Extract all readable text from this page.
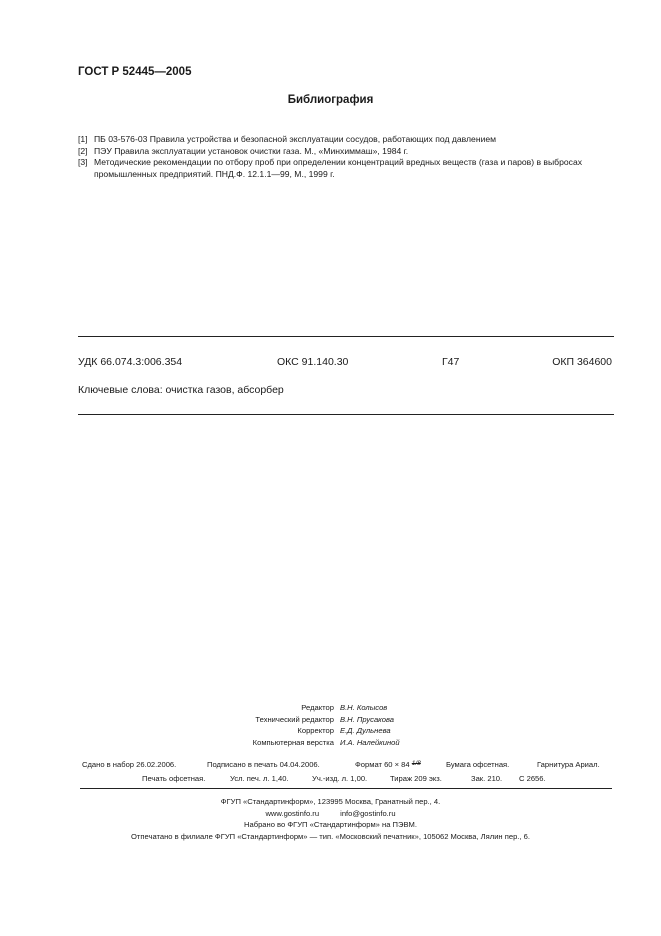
ГОСТ Р 52445—2005
Библиография
[1] ПБ 03-576-03 Правила устройства и безопасной эксплуатации сосудов, работающих под давлением
[2] ПЭУ Правила эксплуатации установок очистки газа. М., «Минхиммаш», 1984 г.
[3] Методические рекомендации по отбору проб при определении концентраций вредных веществ (газа и паров) в выбросах промышленных предприятий. ПНД.Ф. 12.1.1—99, М., 1999 г.
УДК 66.074.3:006.354	ОКС 91.140.30	Г47	ОКП 364600
Ключевые слова: очистка газов, абсорбер
Редактор В.Н. Колысов
Технический редактор В.Н. Прусакова
Корректор Е.Д. Дульнева
Компьютерная верстка И.А. Налейкиной
Сдано в набор 26.02.2006.	Подписано в печать 04.04.2006.	Формат 60 × 84 1/8	Бумага офсетная.	Гарнитура Ариал.
Печать офсетная.	Усл. печ. л. 1,40.	Уч.-изд. л. 1,00.	Тираж 209 экз.	Зак. 210. С 2656.
ФГУП «Стандартинформ», 123995 Москва, Гранатный пер., 4.
www.gostinfo.ru          info@gostinfo.ru
Набрано во ФГУП «Стандартинформ» на ПЭВМ.
Отпечатано в филиале ФГУП «Стандартинформ» — тип. «Московский печатник», 105062 Москва, Лялин пер., 6.
